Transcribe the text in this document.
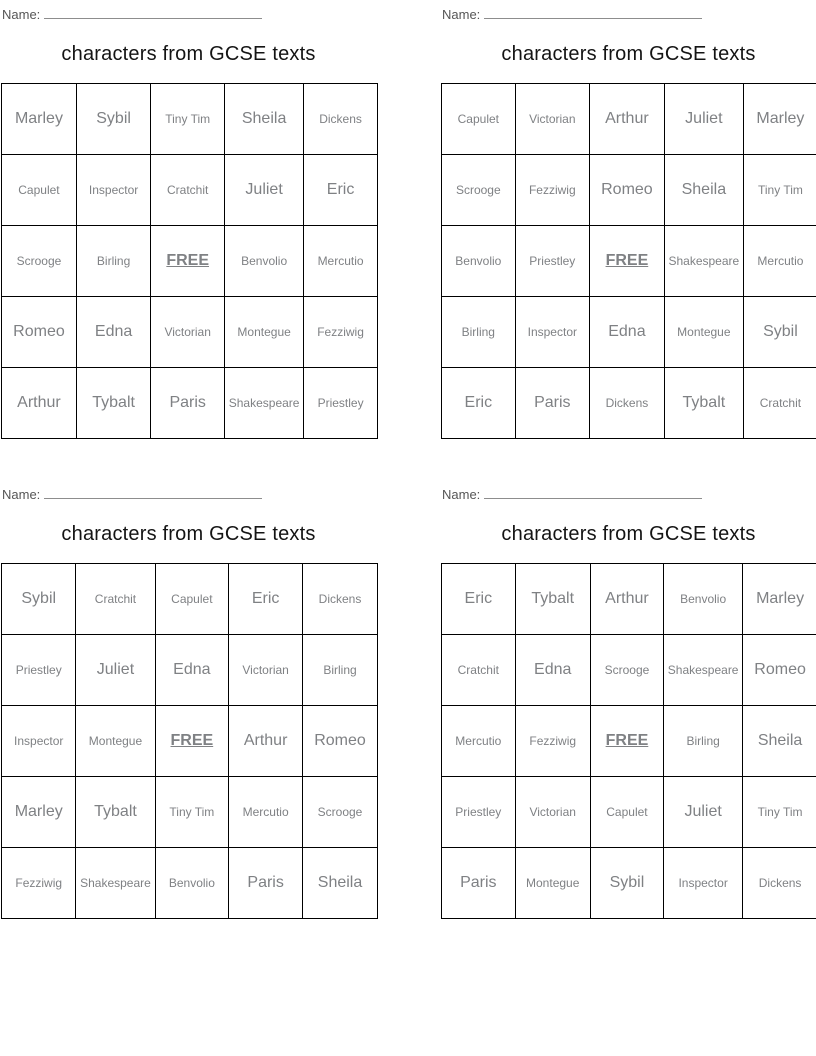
Name:
characters from GCSE texts
Marley	Sybil	Tiny Tim	Sheila	Dickens
Capulet	Inspector	Cratchit	Juliet	Eric
Scrooge	Birling	FREE	Benvolio	Mercutio
Romeo	Edna	Victorian	Montegue	Fezziwig
Arthur	Tybalt	Paris	Shakespeare	Priestley
Name:
characters from GCSE texts
Capulet	Victorian	Arthur	Juliet	Marley
Scrooge	Fezziwig	Romeo	Sheila	Tiny Tim
Benvolio	Priestley	FREE	Shakespeare	Mercutio
Birling	Inspector	Edna	Montegue	Sybil
Eric	Paris	Dickens	Tybalt	Cratchit
Name:
characters from GCSE texts
Sybil	Cratchit	Capulet	Eric	Dickens
Priestley	Juliet	Edna	Victorian	Birling
Inspector	Montegue	FREE	Arthur	Romeo
Marley	Tybalt	Tiny Tim	Mercutio	Scrooge
Fezziwig	Shakespeare	Benvolio	Paris	Sheila
Name:
characters from GCSE texts
Eric	Tybalt	Arthur	Benvolio	Marley
Cratchit	Edna	Scrooge	Shakespeare	Romeo
Mercutio	Fezziwig	FREE	Birling	Sheila
Priestley	Victorian	Capulet	Juliet	Tiny Tim
Paris	Montegue	Sybil	Inspector	Dickens
